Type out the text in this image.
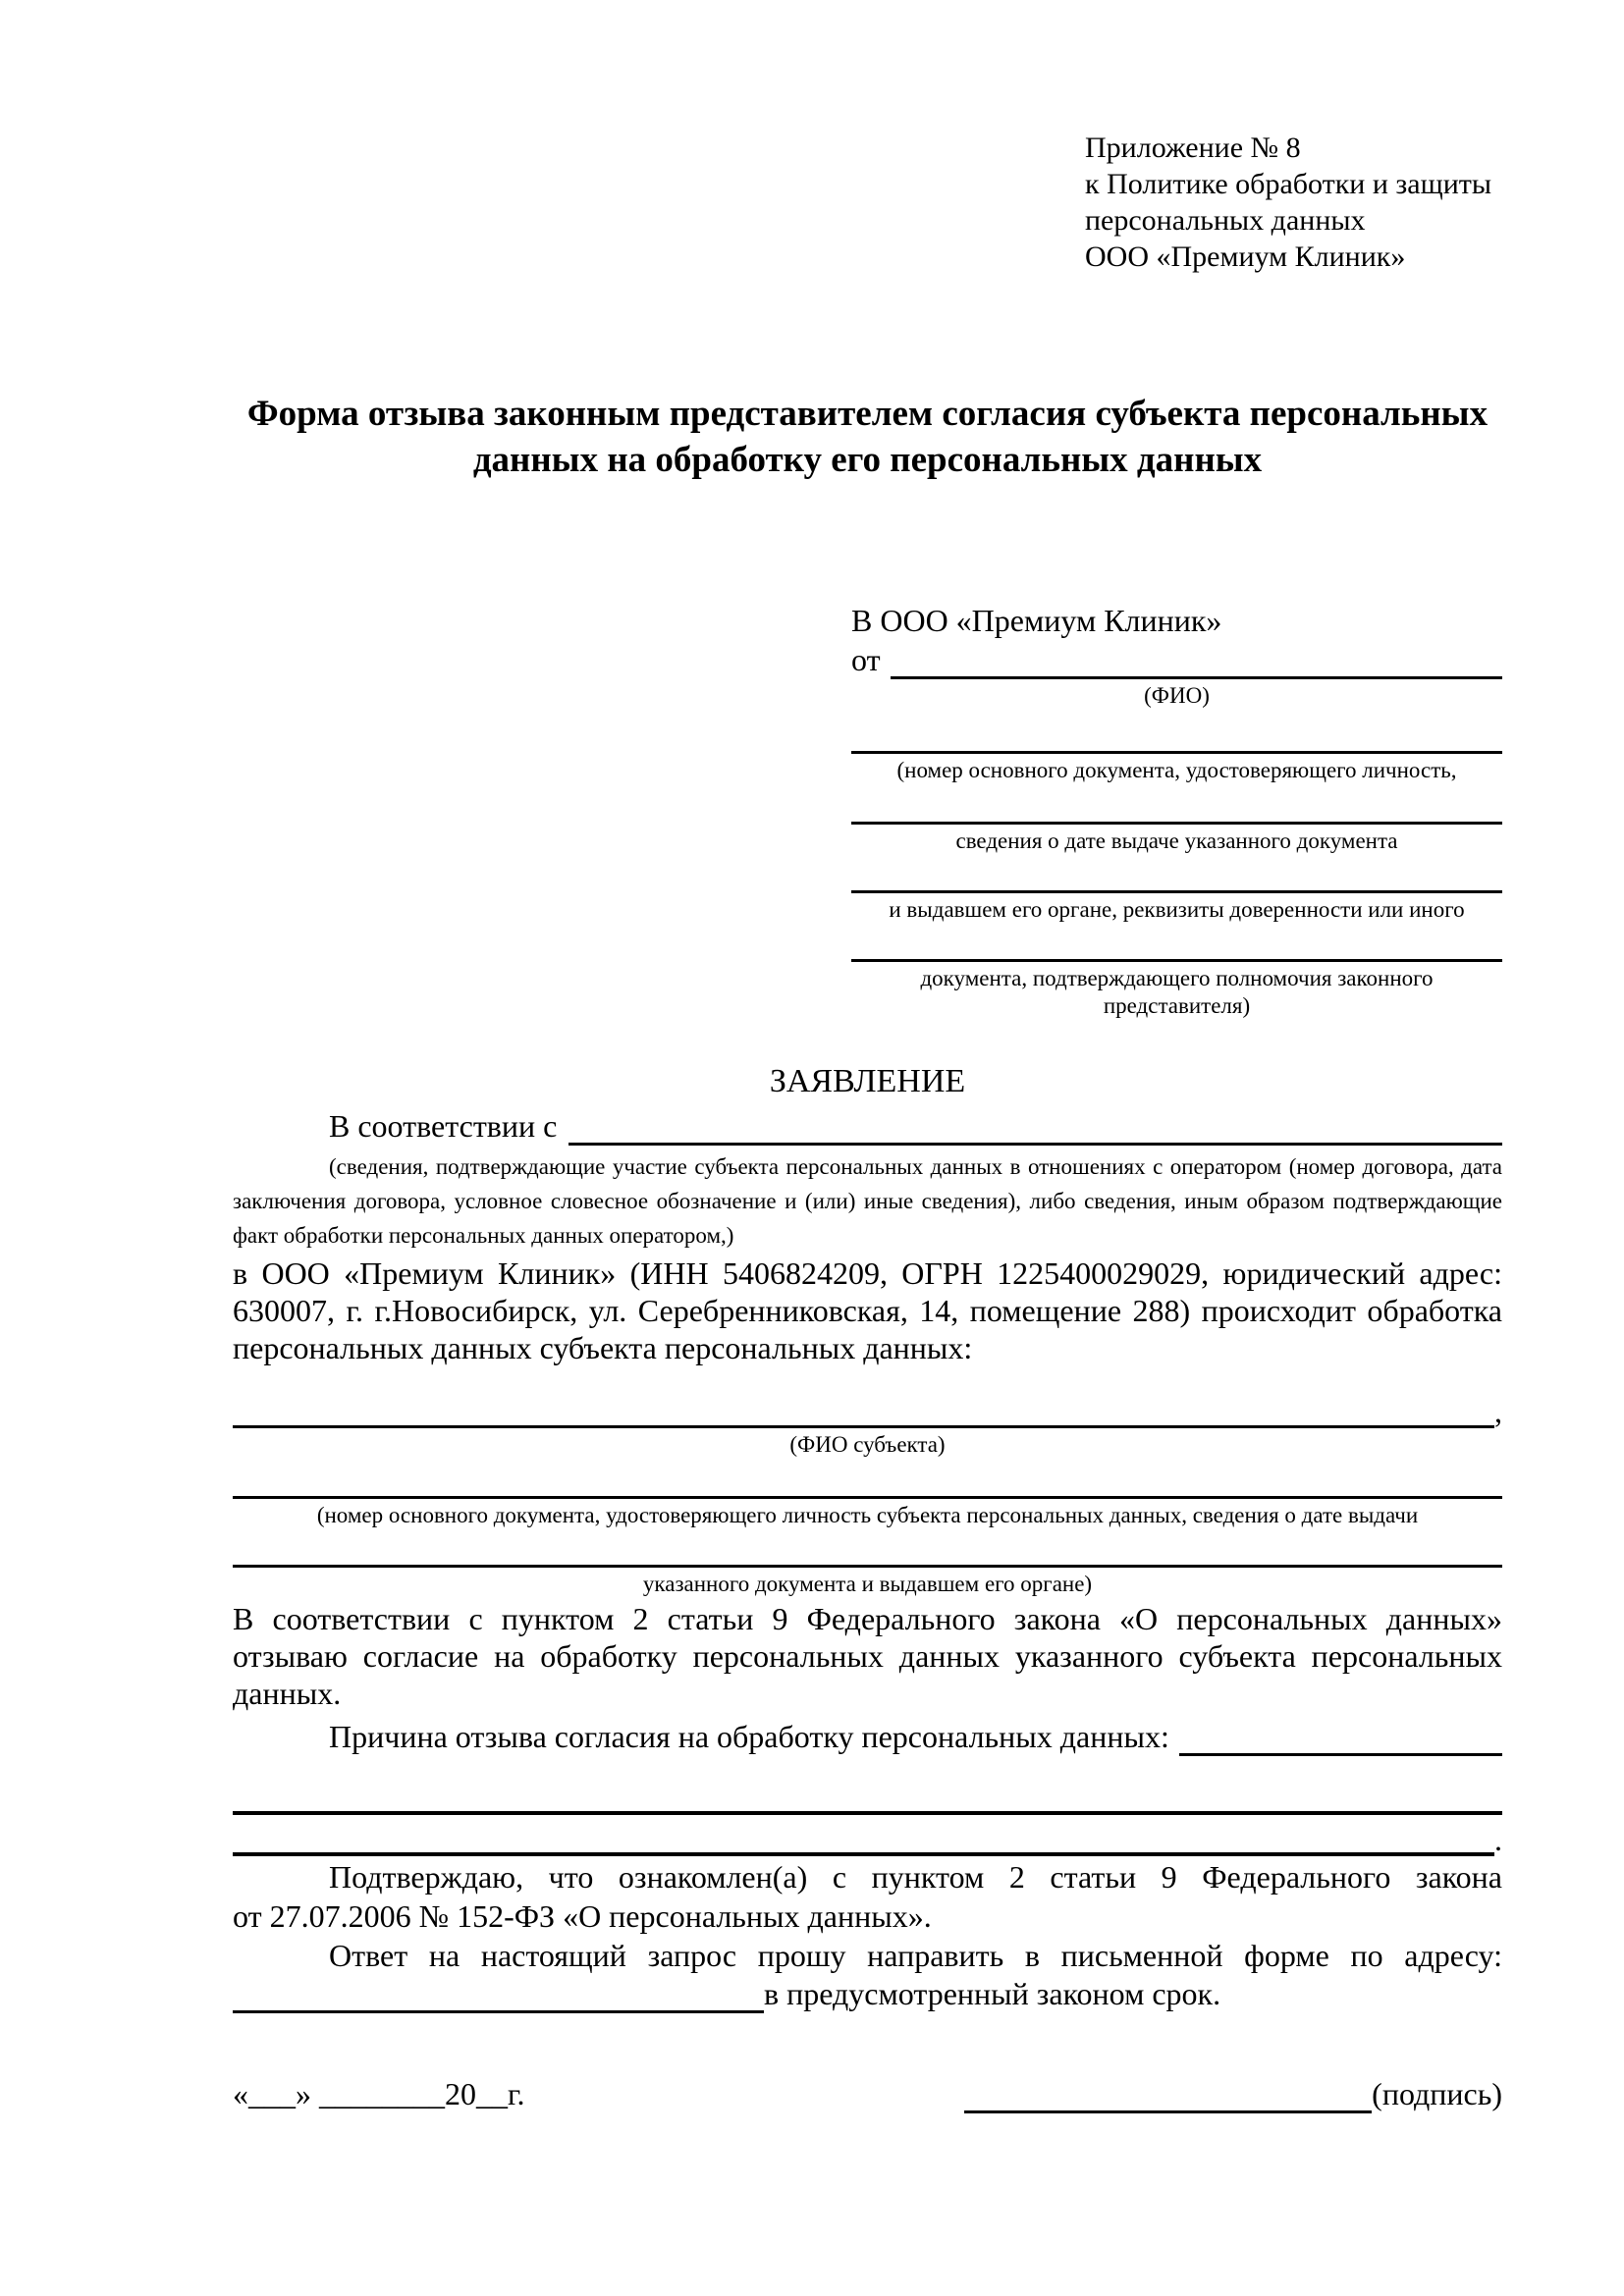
Приложение № 8
к Политике обработки и защиты
персональных данных
ООО «Премиум Клиник»
Форма отзыва законным представителем согласия субъекта персональных данных на обработку его персональных данных
В ООО «Премиум Клиник»
от
(ФИО)
(номер основного документа, удостоверяющего личность,
сведения о дате выдаче указанного документа
и выдавшем его органе, реквизиты доверенности или иного
документа, подтверждающего полномочия законного представителя)
ЗАЯВЛЕНИЕ
В соответствии с
(сведения, подтверждающие участие субъекта персональных данных в отношениях с оператором (номер договора, дата заключения договора, условное словесное обозначение и (или) иные сведения), либо сведения, иным образом подтверждающие факт обработки персональных данных оператором,)
в ООО «Премиум Клиник» (ИНН 5406824209, ОГРН 1225400029029, юридический адрес: 630007, г. г.Новосибирск, ул. Серебренниковская, 14, помещение 288) происходит обработка персональных данных субъекта персональных данных:
,
(ФИО субъекта)
(номер основного документа, удостоверяющего личность субъекта персональных данных, сведения о дате выдачи
указанного документа и выдавшем его органе)
В соответствии с пунктом 2 статьи 9 Федерального закона «О персональных данных» отзываю согласие на обработку персональных данных указанного субъекта персональных данных.
Причина отзыва согласия на обработку персональных данных:
.
Подтверждаю, что ознакомлен(а) с пунктом 2 статьи 9 Федерального закона
от 27.07.2006 № 152-ФЗ «О персональных данных».
Ответ на настоящий запрос прошу направить в письменной форме по адресу:
в предусмотренный законом срок.
«___» ________20__г.	(подпись)
